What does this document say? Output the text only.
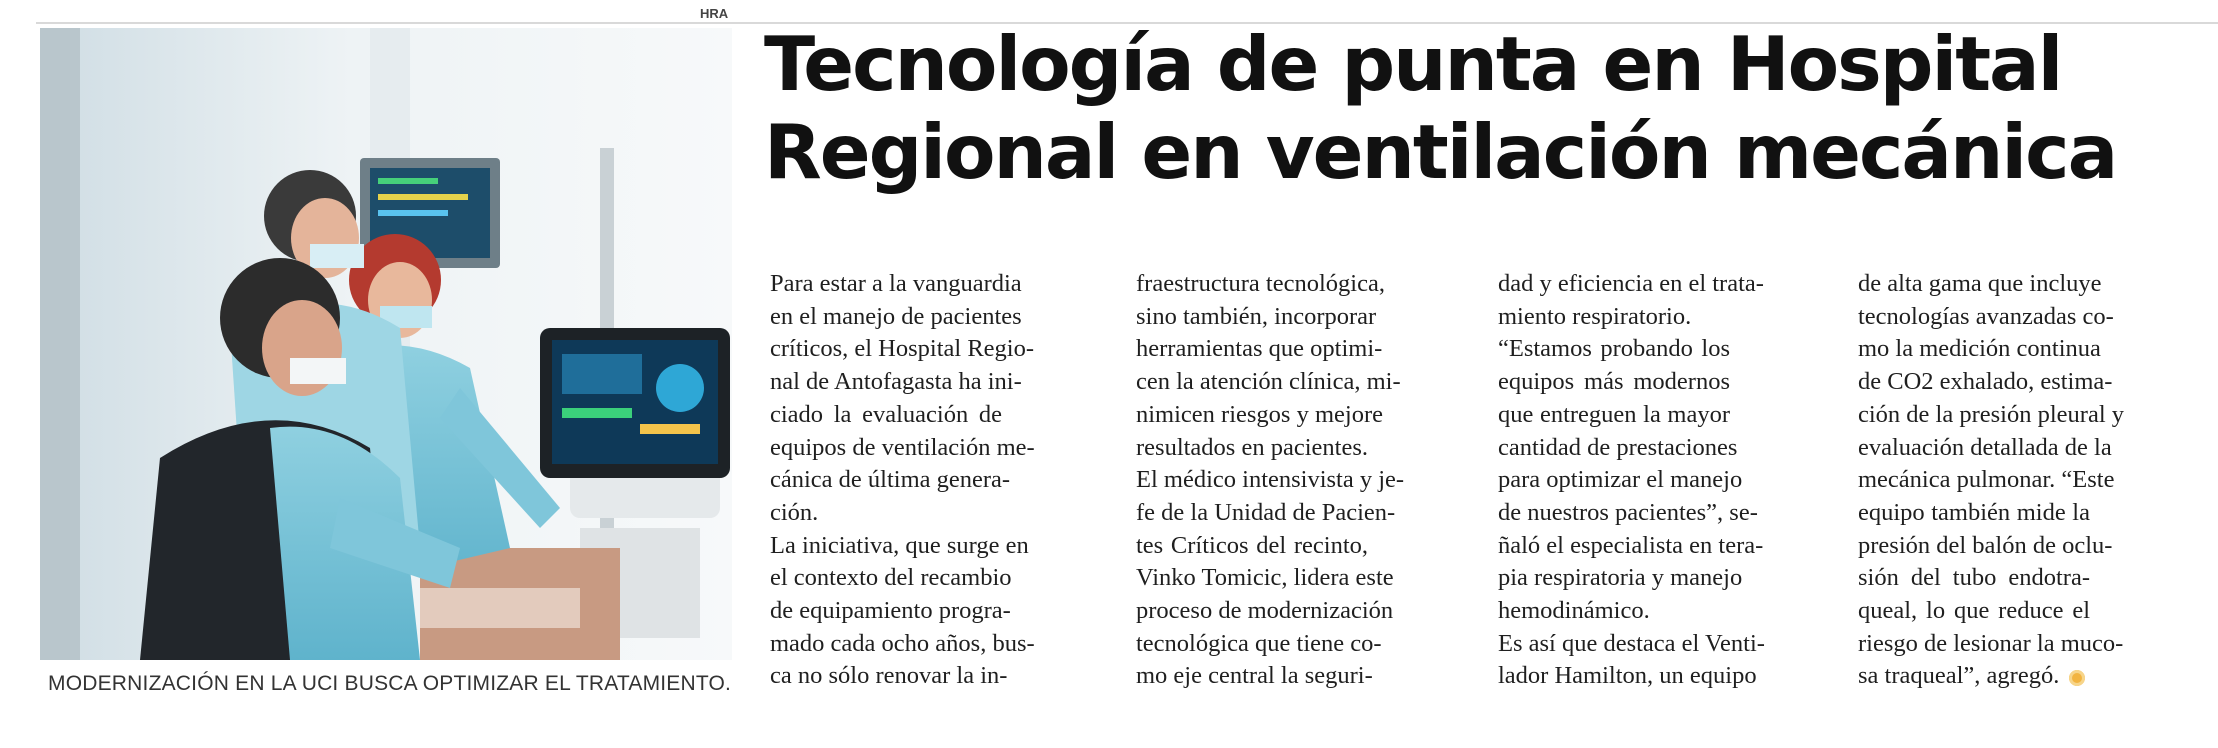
HRA
MODERNIZACIÓN EN LA UCI BUSCA OPTIMIZAR EL TRATAMIENTO.
Tecnología de punta en Hospital
Regional en ventilación mecánica
Para estar a la vanguardia
en el manejo de pacientes
críticos, el Hospital Regio-
nal de Antofagasta ha ini-
ciado la evaluación de
equipos de ventilación me-
cánica de última genera-
ción.
La iniciativa, que surge en
el contexto del recambio
de equipamiento progra-
mado cada ocho años, bus-
ca no sólo renovar la in-
fraestructura tecnológica,
sino también, incorporar
herramientas que optimi-
cen la atención clínica, mi-
nimicen riesgos y mejore
resultados en pacientes.
El médico intensivista y je-
fe de la Unidad de Pacien-
tes Críticos del recinto,
Vinko Tomicic, lidera este
proceso de modernización
tecnológica que tiene co-
mo eje central la seguri-
dad y eficiencia en el trata-
miento respiratorio.
“Estamos probando los
equipos más modernos
que entreguen la mayor
cantidad de prestaciones
para optimizar el manejo
de nuestros pacientes”, se-
ñaló el especialista en tera-
pia respiratoria y manejo
hemodinámico.
Es así que destaca el Venti-
lador Hamilton, un equipo
de alta gama que incluye
tecnologías avanzadas co-
mo la medición continua
de CO2 exhalado, estima-
ción de la presión pleural y
evaluación detallada de la
mecánica pulmonar. “Este
equipo también mide la
presión del balón de oclu-
sión del tubo endotra-
queal, lo que reduce el
riesgo de lesionar la muco-
sa traqueal”, agregó.
